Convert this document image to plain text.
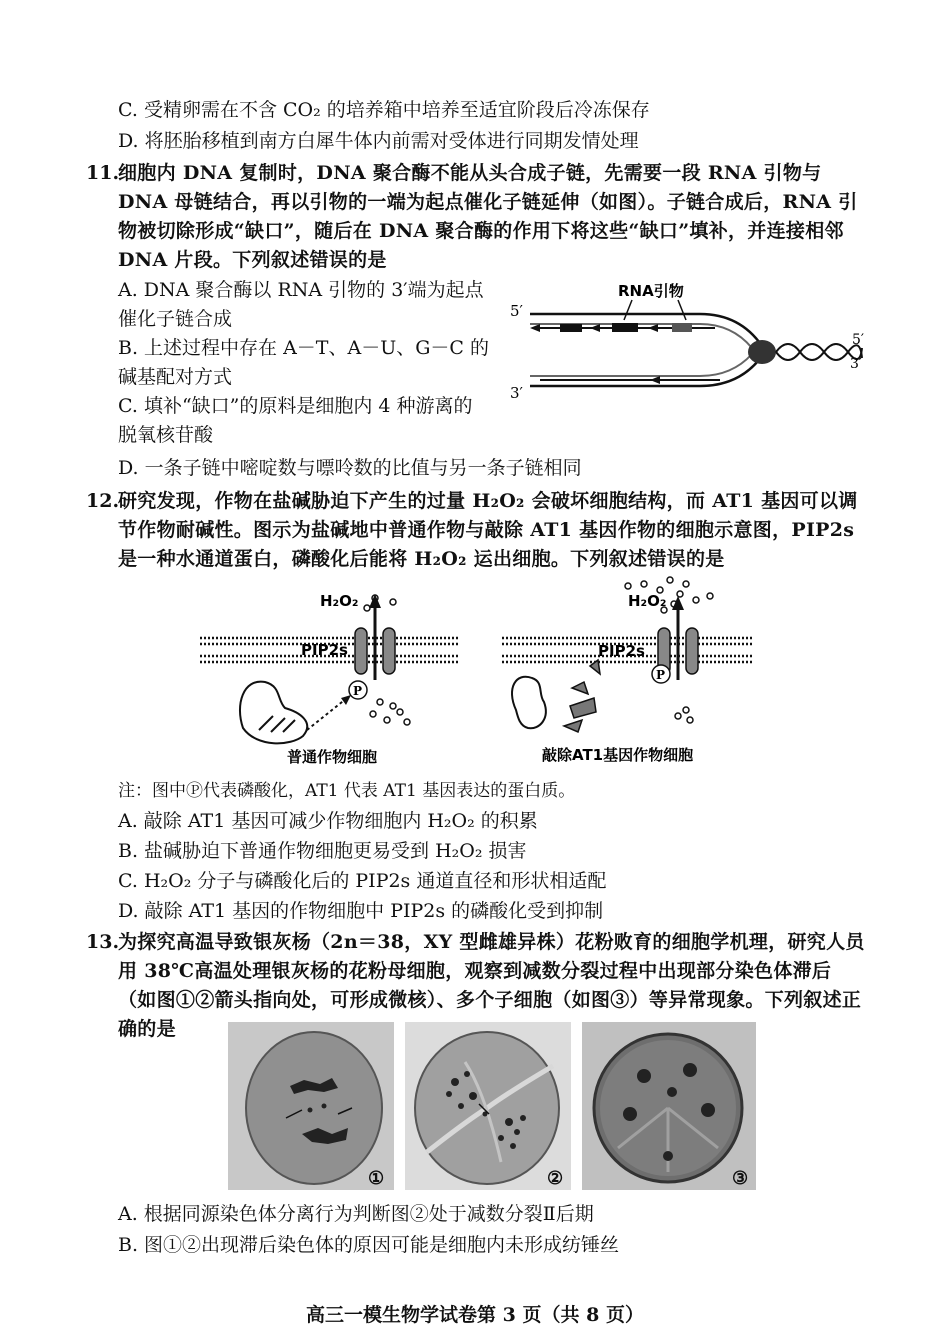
C. 受精卵需在不含 CO₂ 的培养箱中培养至适宜阶段后冷冻保存
D. 将胚胎移植到南方白犀牛体内前需对受体进行同期发情处理
11.
细胞内 DNA 复制时，DNA 聚合酶不能从头合成子链，先需要一段 RNA 引物与 DNA 母链结合，再以引物的一端为起点催化子链延伸（如图）。子链合成后，RNA 引物被切除形成“缺口”，随后在 DNA 聚合酶的作用下将这些“缺口”填补，并连接相邻 DNA 片段。下列叙述错误的是
A. DNA 聚合酶以 RNA 引物的 3′端为起点催化子链合成
B. 上述过程中存在 A－T、A－U、G－C 的碱基配对方式
C. 填补“缺口”的原料是细胞内 4 种游离的脱氧核苷酸
D. 一条子链中嘧啶数与嘌呤数的比值与另一条子链相同
RNA引物
5′
3′
5′
3′
12.
研究发现，作物在盐碱胁迫下产生的过量 H₂O₂ 会破坏细胞结构，而 AT1 基因可以调节作物耐碱性。图示为盐碱地中普通作物与敲除 AT1 基因作物的细胞示意图，PIP2s 是一种水通道蛋白，磷酸化后能将 H₂O₂ 运出细胞。下列叙述错误的是
H₂O₂
PIP2s
P
普通作物细胞
H₂O₂
PIP2s
P
敲除AT1基因作物细胞
注：图中Ⓟ代表磷酸化，AT1 代表 AT1 基因表达的蛋白质。
A. 敲除 AT1 基因可减少作物细胞内 H₂O₂ 的积累
B. 盐碱胁迫下普通作物细胞更易受到 H₂O₂ 损害
C. H₂O₂ 分子与磷酸化后的 PIP2s 通道直径和形状相适配
D. 敲除 AT1 基因的作物细胞中 PIP2s 的磷酸化受到抑制
13.
为探究高温导致银灰杨（2n＝38，XY 型雌雄异株）花粉败育的细胞学机理，研究人员用 38℃高温处理银灰杨的花粉母细胞，观察到减数分裂过程中出现部分染色体滞后（如图①②箭头指向处，可形成微核）、多个子细胞（如图③）等异常现象。下列叙述正确的是
①	②	③
A. 根据同源染色体分离行为判断图②处于减数分裂Ⅱ后期
B. 图①②出现滞后染色体的原因可能是细胞内未形成纺锤丝
高三一模生物学试卷第 3 页（共 8 页）
